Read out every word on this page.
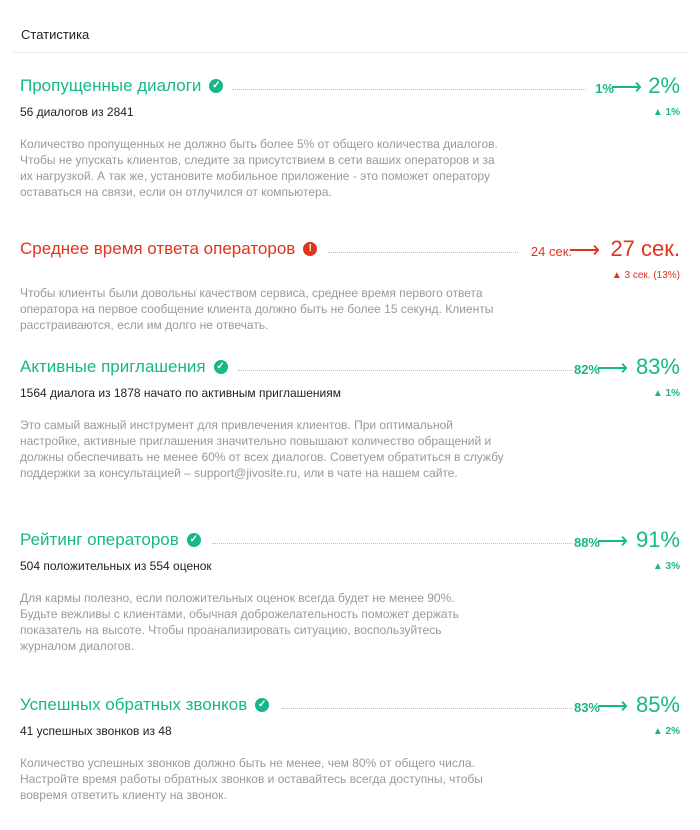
Статистика
Пропущенные диалоги ✓	1%
⟶ 2%
56 диалогов из 2841	▲ 1%
Количество пропущенных не должно быть более 5% от общего количества диалогов. Чтобы не упускать клиентов, следите за присутствием в сети ваших операторов и за их нагрузкой. А так же, установите мобильное приложение - это поможет оператору оставаться на связи, если он отлучился от компьютера.
Среднее время ответа операторов	!	24 сек.
⟶ 27 сек.
▲ 3 сек. (13%)
Чтобы клиенты были довольны качеством сервиса, среднее время первого ответа оператора на первое сообщение клиента должно быть не более 15 секунд. Клиенты расстраиваются, если им долго не отвечать.
Активные приглашения ✓	82%
⟶ 83%
1564 диалога из 1878 начато по активным приглашениям	▲ 1%
Это самый важный инструмент для привлечения клиентов. При оптимальной настройке, активные приглашения значительно повышают количество обращений и должны обеспечивать не менее 60% от всех диалогов. Советуем обратиться в службу поддержки за консультацией – support@jivosite.ru, или в чате на нашем сайте.
Рейтинг операторов ✓	88%
⟶ 91%
504 положительных из 554 оценок	▲ 3%
Для кармы полезно, если положительных оценок всегда будет не менее 90%. Будьте вежливы с клиентами, обычная доброжелательность поможет держать показатель на высоте. Чтобы проанализировать ситуацию, воспользуйтесь журналом диалогов.
Успешных обратных звонков ✓	83%
⟶ 85%
41 успешных звонков из 48	▲ 2%
Количество успешных звонков должно быть не менее, чем 80% от общего числа. Настройте время работы обратных звонков и оставайтесь всегда доступны, чтобы вовремя ответить клиенту на звонок.
